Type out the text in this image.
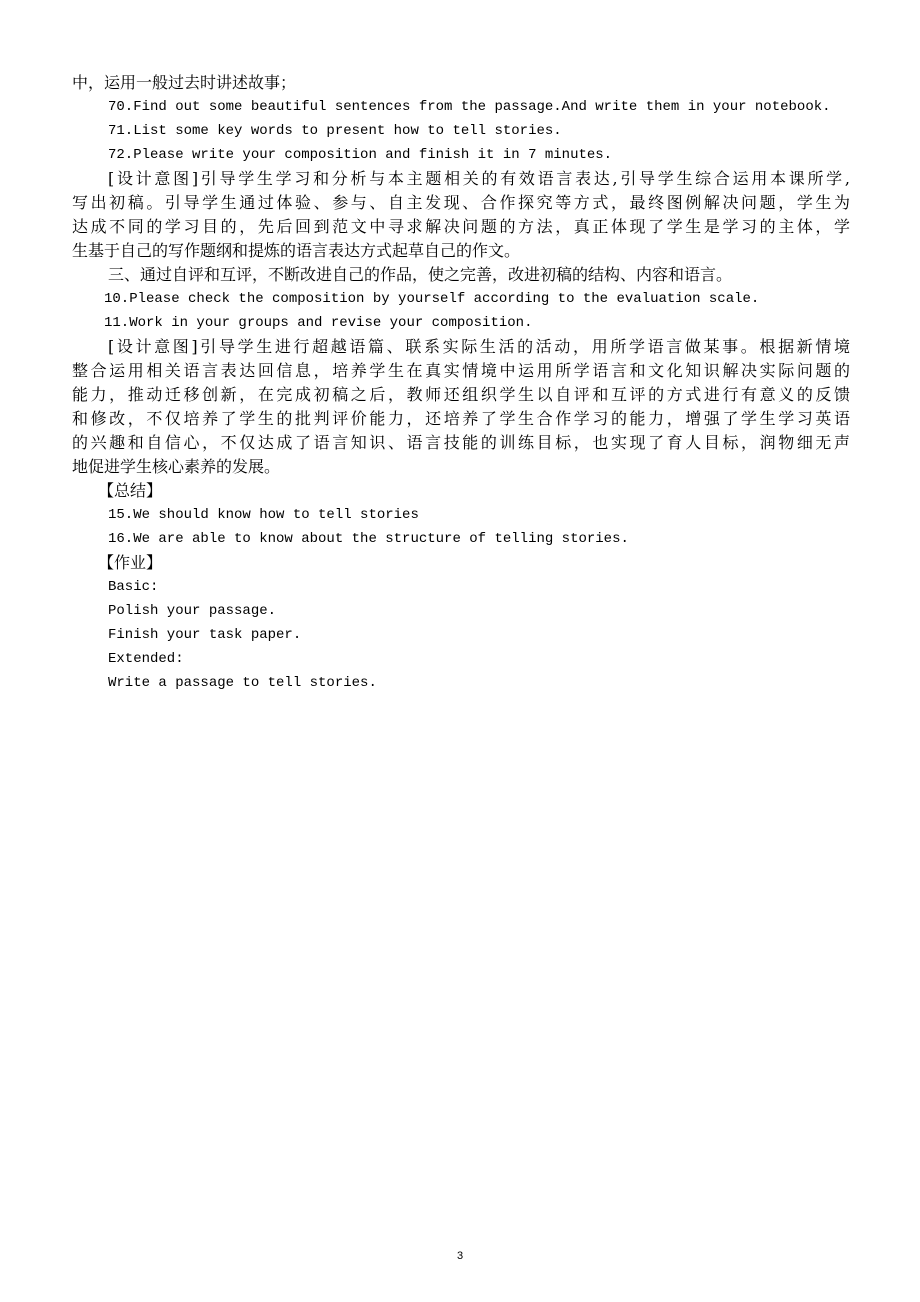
中，运用一般过去时讲述故事；
70.Find out some beautiful sentences from the passage.And write them in your notebook.
71.List some key words to present how to tell stories.
72.Please write your composition and finish it in 7 minutes.
[设计意图]引导学生学习和分析与本主题相关的有效语言表达,引导学生综合运用本课所学,
写出初稿。引导学生通过体验、参与、自主发现、合作探究等方式，最终图例解决问题，学生为
达成不同的学习目的，先后回到范文中寻求解决问题的方法，真正体现了学生是学习的主体，学
生基于自己的写作题纲和提炼的语言表达方式起草自己的作文。
三、通过自评和互评，不断改进自己的作品，使之完善，改进初稿的结构、内容和语言。
10.Please check the composition by yourself according to the evaluation scale.
11.Work in your groups and revise your composition.
[设计意图]引导学生进行超越语篇、联系实际生活的活动，用所学语言做某事。根据新情境
整合运用相关语言表达回信息，培养学生在真实情境中运用所学语言和文化知识解决实际问题的
能力，推动迁移创新，在完成初稿之后，教师还组织学生以自评和互评的方式进行有意义的反馈
和修改，不仅培养了学生的批判评价能力，还培养了学生合作学习的能力，增强了学生学习英语
的兴趣和自信心，不仅达成了语言知识、语言技能的训练目标，也实现了育人目标，润物细无声
地促进学生核心素养的发展。
【总结】
15.We should know how to tell stories
16.We are able to know about the structure of telling stories.
【作业】
Basic:
Polish your passage.
Finish your task paper.
Extended:
Write a passage to tell stories.
3
